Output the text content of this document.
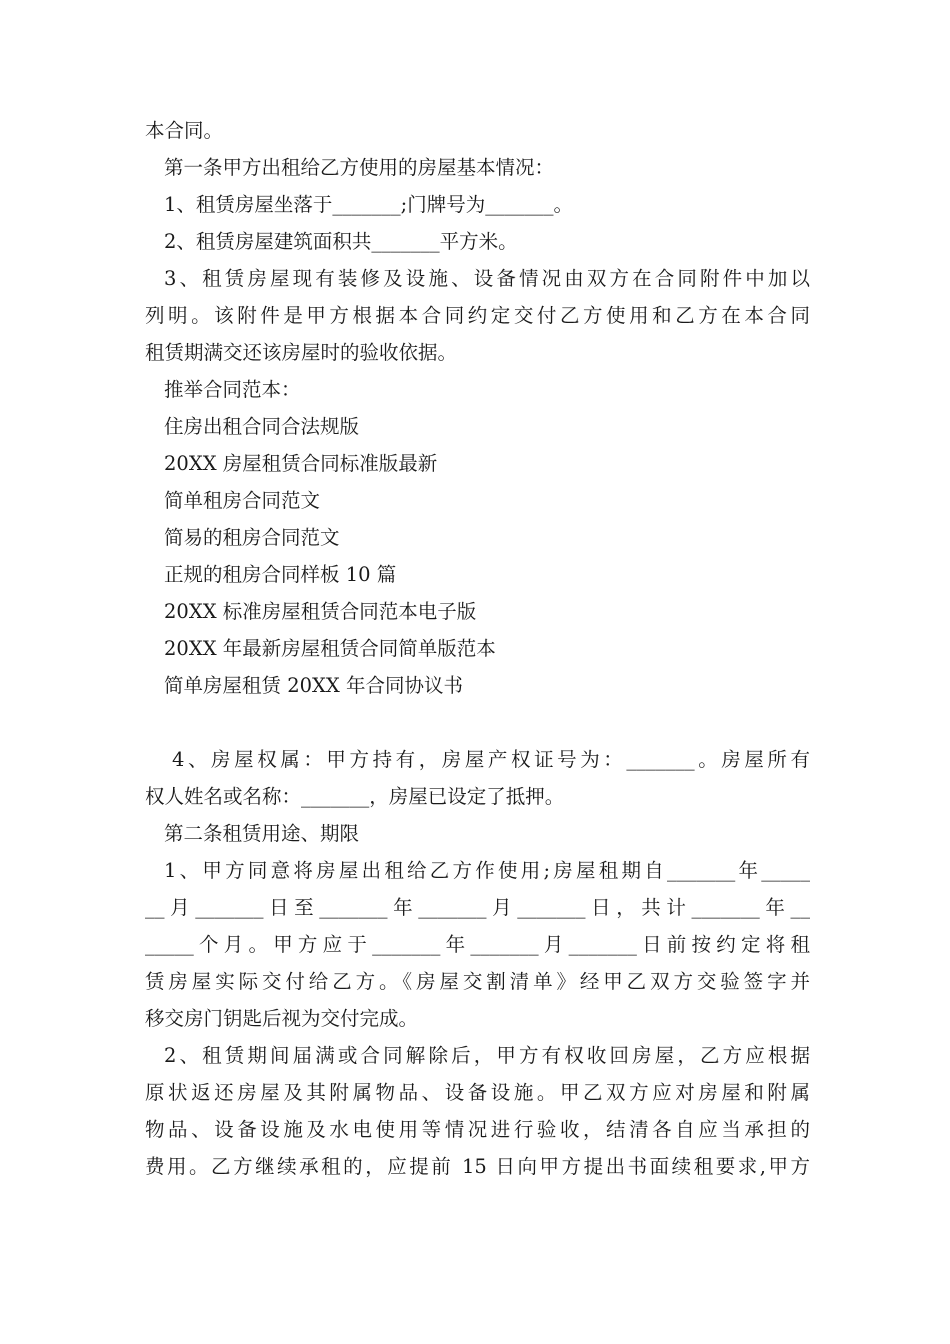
本合同。
第一条甲方出租给乙方使用的房屋基本情况：
1、租赁房屋坐落于_______;门牌号为_______。
2、租赁房屋建筑面积共_______平方米。
3、租赁房屋现有装修及设施、设备情况由双方在合同附件中加以
列明。该附件是甲方根据本合同约定交付乙方使用和乙方在本合同
租赁期满交还该房屋时的验收依据。
推举合同范本：
住房出租合同合法规版
20XX 房屋租赁合同标准版最新
简单租房合同范文
简易的租房合同范文
正规的租房合同样板 10 篇
20XX 标准房屋租赁合同范本电子版
20XX 年最新房屋租赁合同简单版范本
简单房屋租赁 20XX 年合同协议书
4、房屋权属：甲方持有，房屋产权证号为：_______。房屋所有
权人姓名或名称：_______，房屋已设定了抵押。
第二条租赁用途、期限
1、甲方同意将房屋出租给乙方作使用;房屋租期自_______年_____
__月_______日至_______年_______月_______日，共计_______年__
_____个月。甲方应于_______年_______月_______日前按约定将租
赁房屋实际交付给乙方。《房屋交割清单》经甲乙双方交验签字并
移交房门钥匙后视为交付完成。
2、租赁期间届满或合同解除后，甲方有权收回房屋，乙方应根据
原状返还房屋及其附属物品、设备设施。甲乙双方应对房屋和附属
物品、设备设施及水电使用等情况进行验收，结清各自应当承担的
费用。乙方继续承租的，应提前 15 日向甲方提出书面续租要求,甲方
